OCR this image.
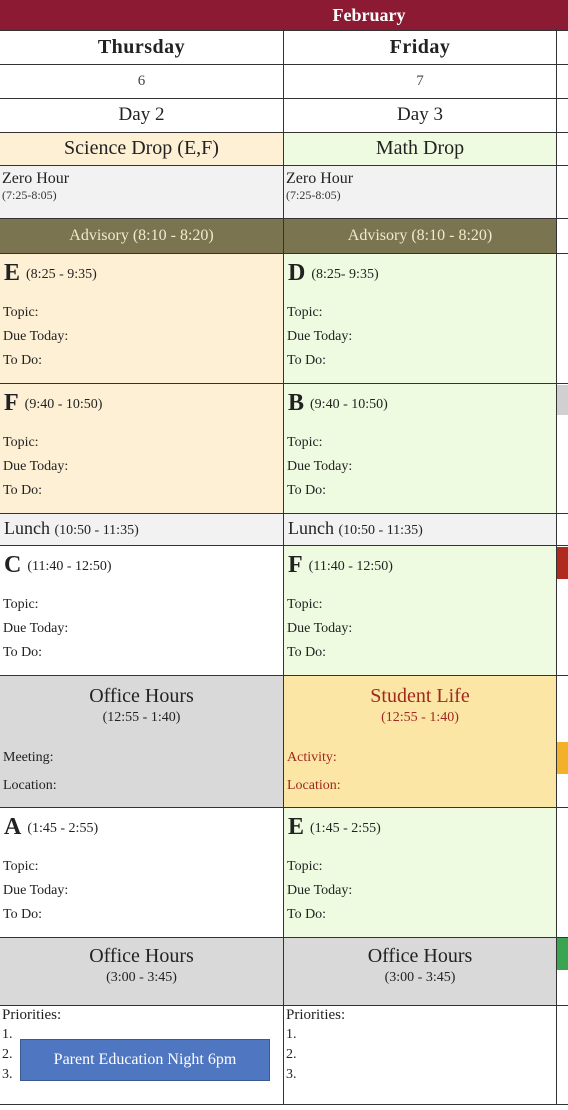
February
Thursday
6
Day 2
Science Drop (E,F)
Zero Hour
(7:25-8:05)
Advisory (8:10 - 8:20)
E (8:25 - 9:35)
Topic:
Due Today:
To Do:
F (9:40 - 10:50)
Topic:
Due Today:
To Do:
Lunch (10:50 - 11:35)
C (11:40 - 12:50)
Topic:
Due Today:
To Do:
Office Hours
(12:55 - 1:40)
Meeting:
Location:
A (1:45 - 2:55)
Topic:
Due Today:
To Do:
Office Hours
(3:00 - 3:45)
Priorities:
1.
2.
3.
Friday
7
Day 3
Math Drop
Zero Hour
(7:25-8:05)
Advisory (8:10 - 8:20)
D (8:25- 9:35)
Topic:
Due Today:
To Do:
B (9:40 - 10:50)
Topic:
Due Today:
To Do:
Lunch (10:50 - 11:35)
F (11:40 - 12:50)
Topic:
Due Today:
To Do:
Student Life
(12:55 - 1:40)
Activity:
Location:
E (1:45 - 2:55)
Topic:
Due Today:
To Do:
Office Hours
(3:00 - 3:45)
Priorities:
1.
2.
3.
Parent Education Night 6pm
